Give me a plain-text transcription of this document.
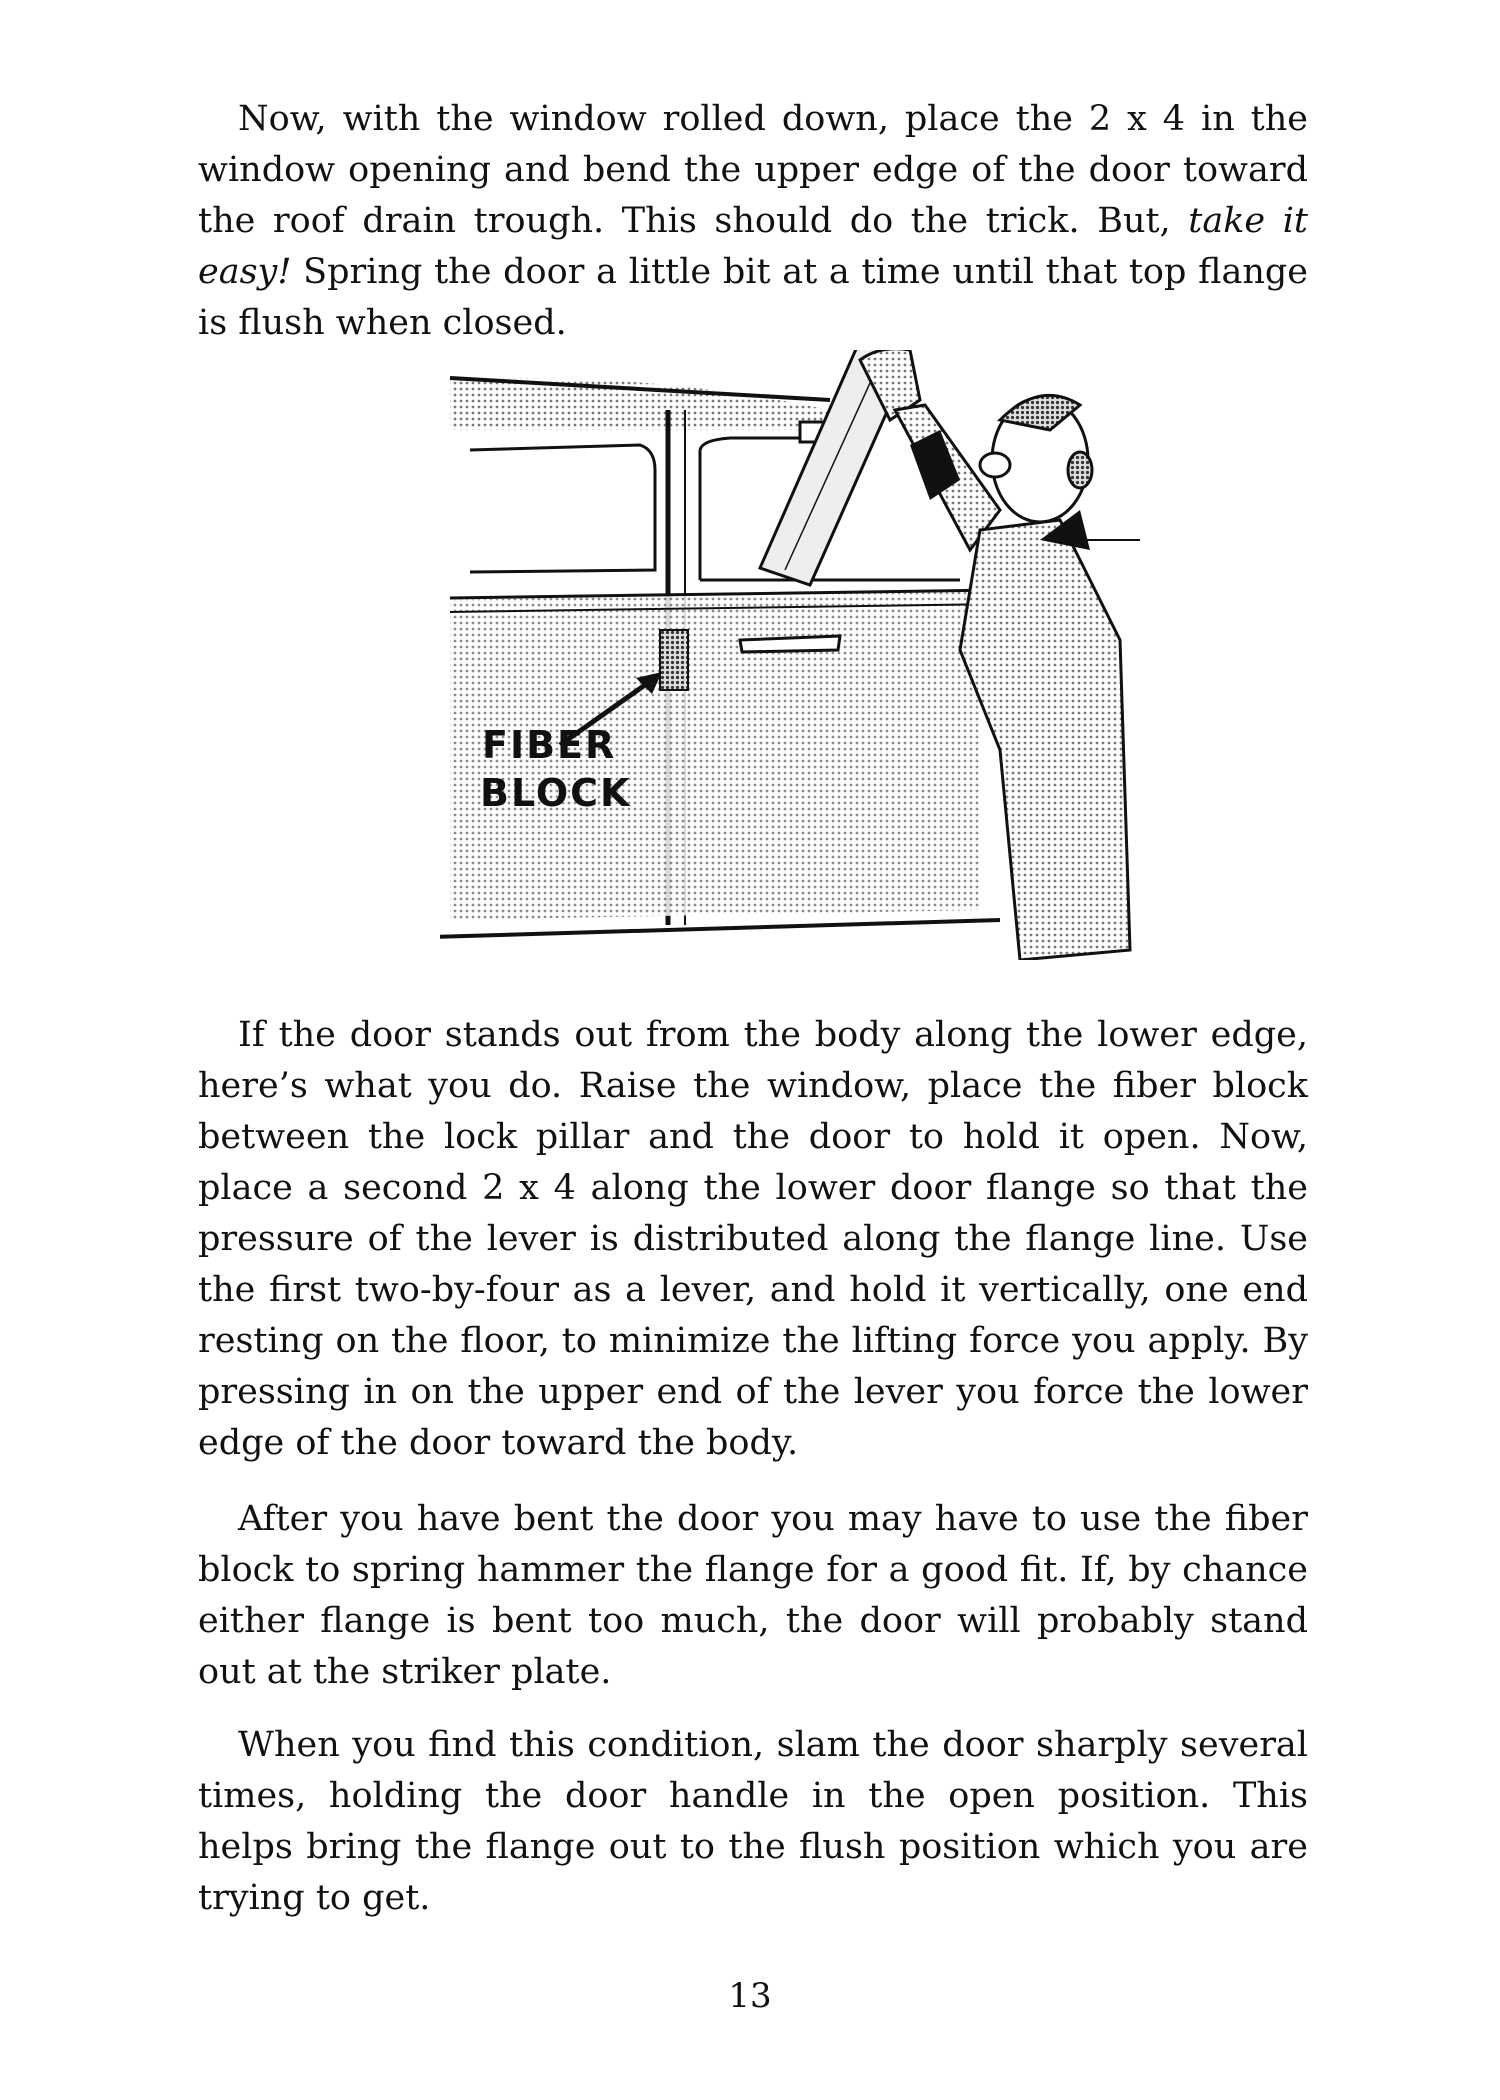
Now, with the window rolled down, place the 2 x 4 in the window opening and bend the upper edge of the door toward the roof drain trough. This should do the trick. But, take it easy! Spring the door a little bit at a time until that top flange is flush when closed.

FIBER
BLOCK

If the door stands out from the body along the lower edge, here’s what you do. Raise the window, place the fiber block between the lock pillar and the door to hold it open. Now, place a second 2 x 4 along the lower door flange so that the pressure of the lever is distributed along the flange line. Use the first two-by-four as a lever, and hold it vertically, one end resting on the floor, to minimize the lifting force you apply. By pressing in on the upper end of the lever you force the lower edge of the door toward the body.

After you have bent the door you may have to use the fiber block to spring hammer the flange for a good fit. If, by chance either flange is bent too much, the door will probably stand out at the striker plate.

When you find this condition, slam the door sharply several times, holding the door handle in the open position. This helps bring the flange out to the flush position which you are trying to get.

13
